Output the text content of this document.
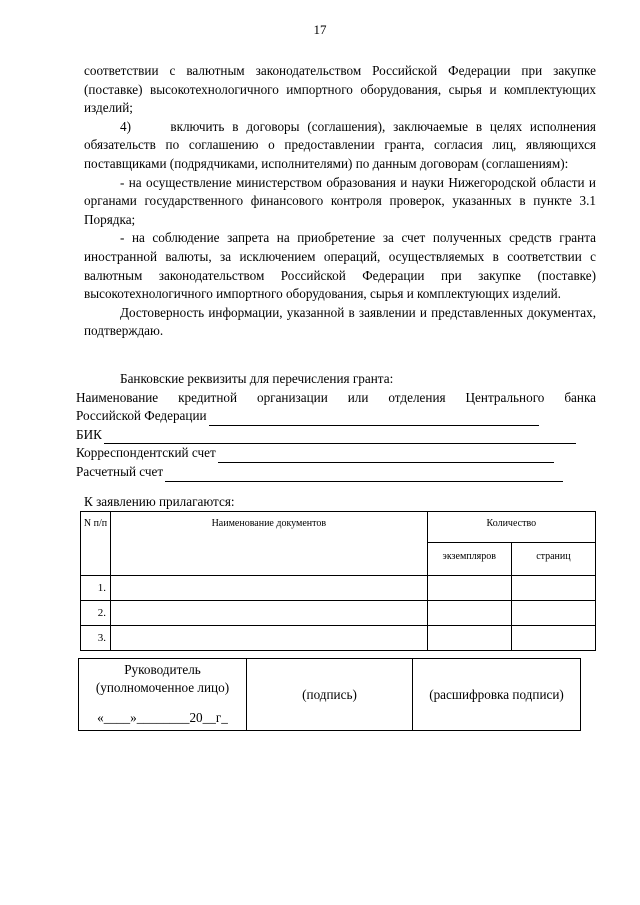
17

соответствии с валютным законодательством Российской Федерации при закупке (поставке) высокотехнологичного импортного оборудования, сырья и комплектующих изделий;

4)     включить в договоры (соглашения), заключаемые в целях исполнения обязательств по соглашению о предоставлении гранта, согласия лиц, являющихся поставщиками (подрядчиками, исполнителями) по данным договорам (соглашениям):

- на осуществление министерством образования и науки Нижегородской области и органами государственного финансового контроля проверок, указанных в пункте 3.1 Порядка;

- на соблюдение запрета на приобретение за счет полученных средств гранта иностранной валюты, за исключением операций, осуществляемых в соответствии с валютным законодательством Российской Федерации при закупке (поставке) высокотехнологичного импортного оборудования, сырья и комплектующих изделий.

Достоверность информации, указанной в заявлении и представленных документах, подтверждаю.

Банковские реквизиты для перечисления гранта:
Наименование кредитной организации или отделения Центрального банка
Российской Федерации
БИК
Корреспондентский счет
Расчетный счет
К заявлению прилагаются:
N п/п	Наименование документов	Количество	
		экземпляров	страниц
1.			
2.			
3.			
Руководитель
(уполномоченное лицо)
«____»________20__г_
	(подпись)	(расшифровка подписи)
